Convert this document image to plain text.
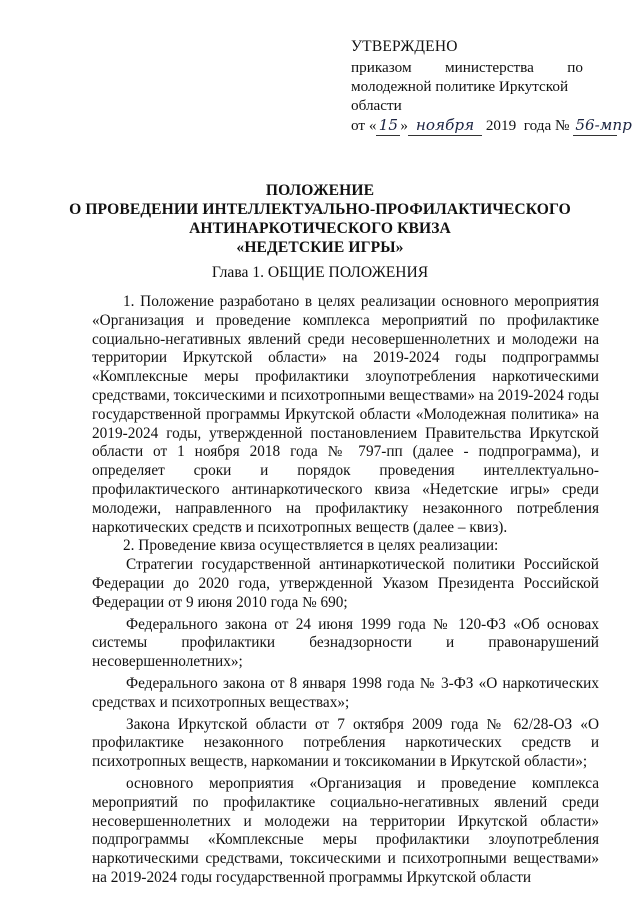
УТВЕРЖДЕНО
приказом министерства по
молодежной политике Иркутской
области
от « 15 » ноября 2019  года № 56-мпр
ПОЛОЖЕНИЕ
О ПРОВЕДЕНИИ ИНТЕЛЛЕКТУАЛЬНО-ПРОФИЛАКТИЧЕСКОГО
АНТИНАРКОТИЧЕСКОГО КВИЗА
«НЕДЕТСКИЕ ИГРЫ»
Глава 1. ОБЩИЕ ПОЛОЖЕНИЯ

1. Положение разработано в целях реализации основного мероприятия «Организация и проведение комплекса мероприятий по профилактике социально-негативных явлений среди несовершеннолетних и молодежи на территории Иркутской области» на 2019-2024 годы подпрограммы «Комплексные меры профилактики злоупотребления наркотическими средствами, токсическими и психотропными веществами» на 2019-2024 годы государственной программы Иркутской области «Молодежная политика» на 2019-2024 годы, утвержденной постановлением Правительства Иркутской области от 1 ноября 2018 года № 797-пп (далее - подпрограмма), и определяет сроки и порядок проведения интеллектуально-профилактического антинаркотического квиза «Недетские игры» среди молодежи, направленного на профилактику незаконного потребления наркотических средств и психотропных веществ (далее – квиз).

2. Проведение квиза осуществляется в целях реализации:

Стратегии государственной антинаркотической политики Российской Федерации до 2020 года, утвержденной Указом Президента Российской Федерации от 9 июня 2010 года № 690;

Федерального закона от 24 июня 1999 года № 120-ФЗ «Об основах системы профилактики безнадзорности и правонарушений несовершеннолетних»;

Федерального закона от 8 января 1998 года № 3-ФЗ «О наркотических средствах и психотропных веществах»;

Закона Иркутской области от 7 октября 2009 года № 62/28-ОЗ «О профилактике незаконного потребления наркотических средств и психотропных веществ, наркомании и токсикомании в Иркутской области»;

основного мероприятия «Организация и проведение комплекса мероприятий по профилактике социально-негативных явлений среди несовершеннолетних и молодежи на территории Иркутской области» подпрограммы «Комплексные меры профилактики злоупотребления наркотическими средствами, токсическими и психотропными веществами» на 2019-2024 годы государственной программы Иркутской области
